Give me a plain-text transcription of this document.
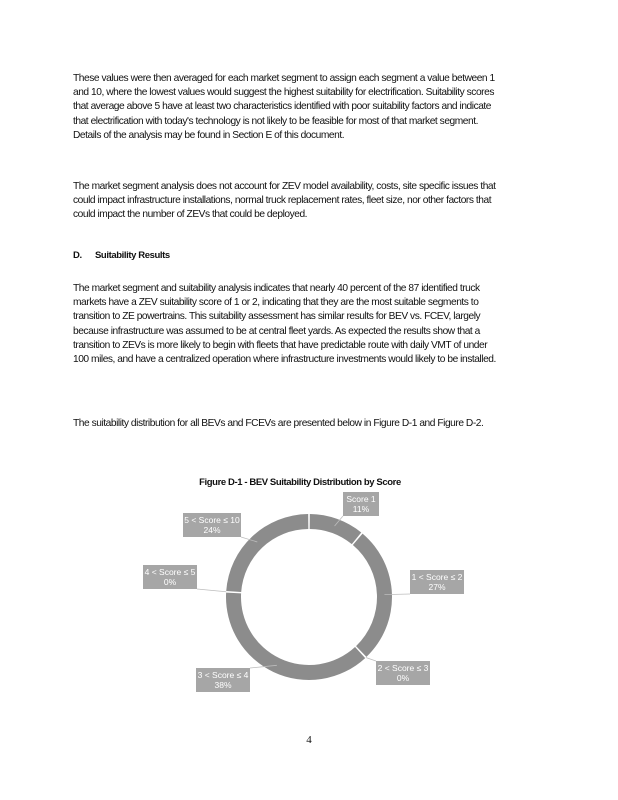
These values were then averaged for each market segment to assign each segment a value between 1 and 10, where the lowest values would suggest the highest suitability for electrification. Suitability scores that average above 5 have at least two characteristics identified with poor suitability factors and indicate that electrification with today's technology is not likely to be feasible for most of that market segment. Details of the analysis may be found in Section E of this document.

The market segment analysis does not account for ZEV model availability, costs, site specific issues that could impact infrastructure installations, normal truck replacement rates, fleet size, nor other factors that could impact the number of ZEVs that could be deployed.

D. Suitability Results

The market segment and suitability analysis indicates that nearly 40 percent of the 87 identified truck markets have a ZEV suitability score of 1 or 2, indicating that they are the most suitable segments to transition to ZE powertrains. This suitability assessment has similar results for BEV vs. FCEV, largely because infrastructure was assumed to be at central fleet yards. As expected the results show that a transition to ZEVs is more likely to begin with fleets that have predictable route with daily VMT of under 100 miles, and have a centralized operation where infrastructure investments would likely to be installed.

The suitability distribution for all BEVs and FCEVs are presented below in Figure D-1 and Figure D-2.

Figure D-1 - BEV Suitability Distribution by Score
Score 1
11%
1 < Score ≤ 2
27%
2 < Score ≤ 3
0%
3 < Score ≤ 4
38%
4 < Score ≤ 5
0%
5 < Score ≤ 10
24%
4
